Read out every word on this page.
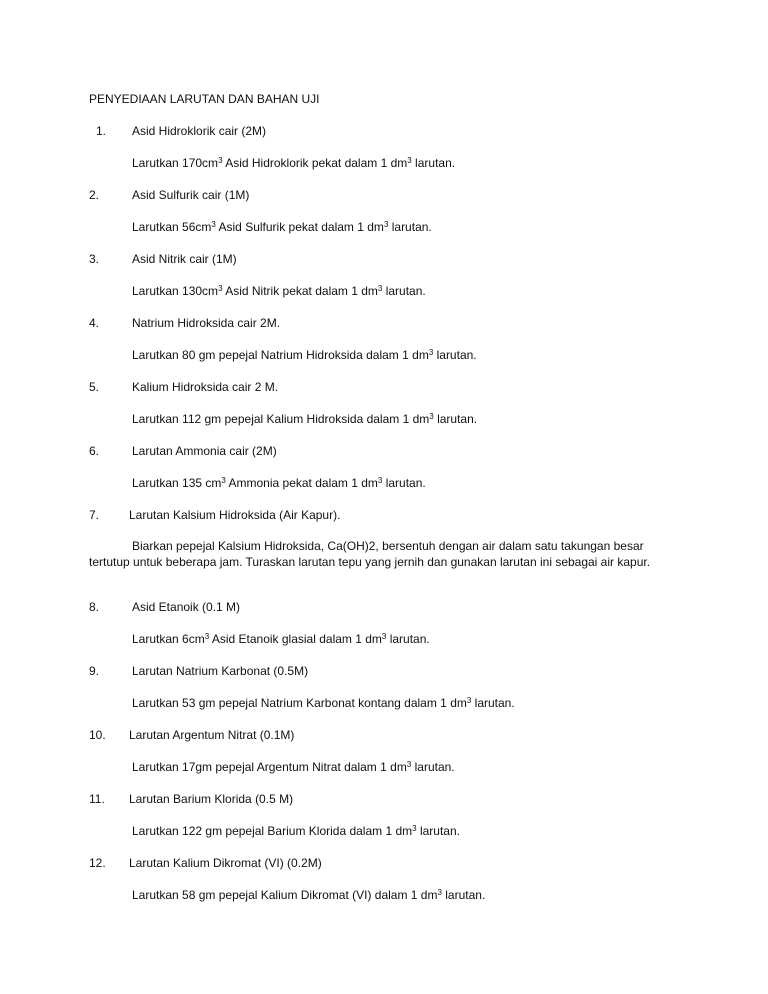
PENYEDIAAN LARUTAN DAN BAHAN UJI
1. Asid Hidroklorik cair (2M)
Larutkan $170cm^3$ Asid Hidroklorik pekat dalam 1 $dm^3$ larutan.
2.	Asid Sulfurik cair (1M)
Larutkan $56cm^3$ Asid Sulfurik pekat dalam 1 $dm^3$ larutan.
3.	Asid Nitrik cair (1M)
Larutkan $130cm^3$ Asid Nitrik pekat dalam 1 $dm^3$ larutan.
4.	Natrium Hidroksida cair 2M.
Larutkan 80 gm pepejal Natrium Hidroksida dalam 1 $dm^3$ larutan.
5.	Kalium Hidroksida cair 2 M.
Larutkan 112 gm pepejal Kalium Hidroksida dalam 1 $dm^3$ larutan.
6.	Larutan Ammonia cair (2M)
Larutkan 135 $cm^3$ Ammonia pekat dalam 1 $dm^3$ larutan.
7. Larutan Kalsium Hidroksida (Air Kapur).
Biarkan pepejal Kalsium Hidroksida, Ca(OH)2, bersentuh dengan air dalam satu takungan besar tertutup untuk beberapa jam. Turaskan larutan tepu yang jernih dan gunakan larutan ini sebagai air kapur.
8.	Asid Etanoik (0.1 M)
Larutkan $6cm^3$ Asid Etanoik glasial dalam 1 $dm^3$ larutan.
9.	Larutan Natrium Karbonat (0.5M)
Larutkan 53 gm pepejal Natrium Karbonat kontang dalam 1 $dm^3$ larutan.
10. Larutan Argentum Nitrat (0.1M)
Larutkan 17gm pepejal Argentum Nitrat dalam 1 $dm^3$ larutan.
11. Larutan Barium Klorida (0.5 M)
Larutkan 122 gm pepejal Barium Klorida dalam 1 $dm^3$ larutan.
12. Larutan Kalium Dikromat (VI) (0.2M)
Larutkan 58 gm pepejal Kalium Dikromat (VI) dalam 1 $dm^3$ larutan.
